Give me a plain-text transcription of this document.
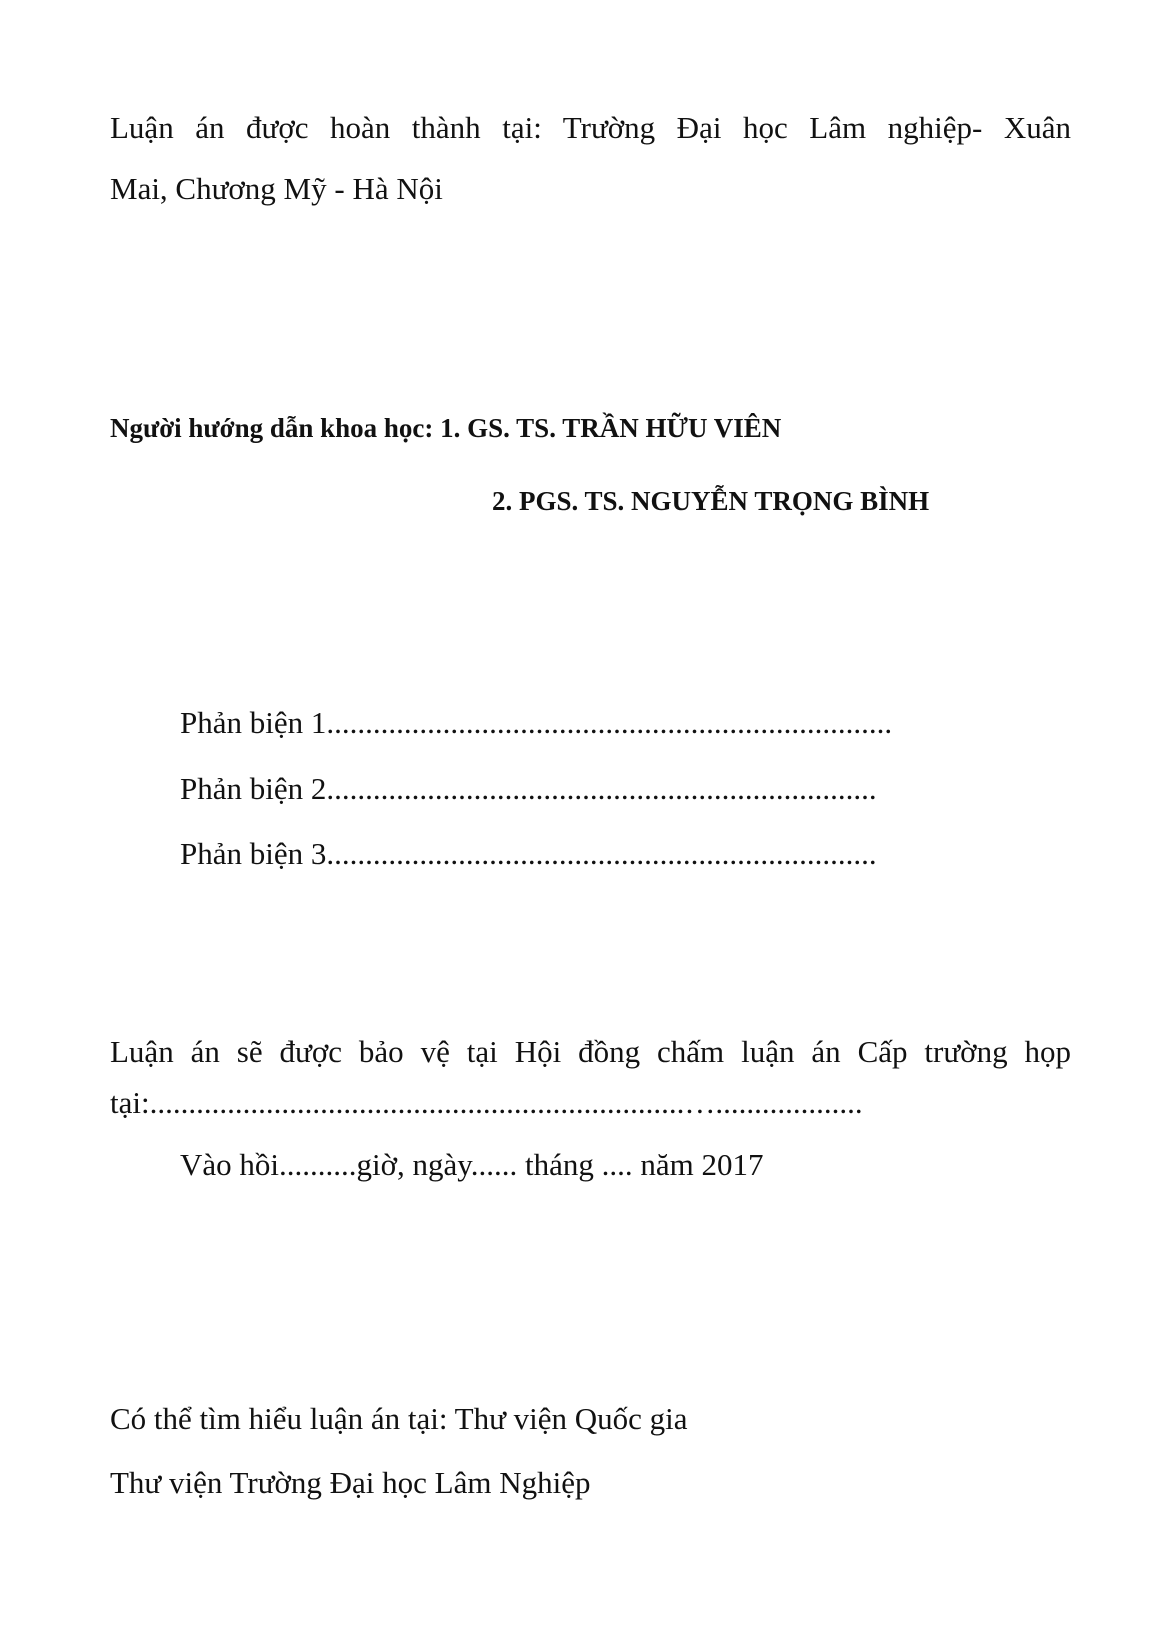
Luận án được hoàn thành tại: Trường Đại học Lâm nghiệp- Xuân
Mai, Chương Mỹ - Hà Nội
Người hướng dẫn khoa học: 1. GS. TS. TRẦN HỮU VIÊN
2. PGS. TS. NGUYỄN TRỌNG BÌNH
Phản biện 1.........................................................................
Phản biện 2.......................................................................
Phản biện 3.......................................................................
Luận án sẽ được bảo vệ tại Hội đồng chấm luận án Cấp trường họp
tại:.....................................................................…...................
Vào hồi..........giờ, ngày...... tháng .... năm 2017
Có thể tìm hiểu luận án tại: Thư viện Quốc gia
Thư viện Trường Đại học Lâm Nghiệp
